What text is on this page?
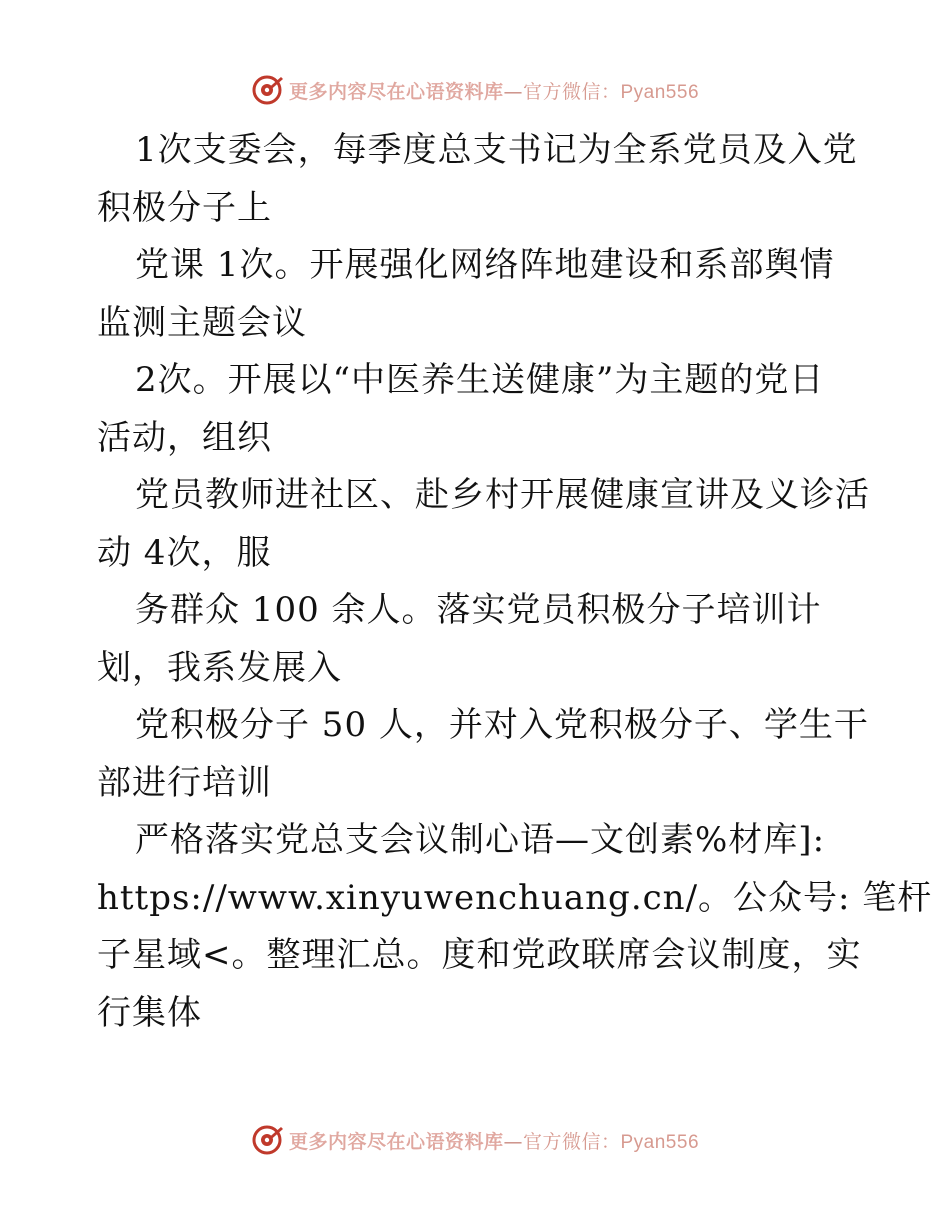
更多内容尽在心语资料库—官方微信：Pyan556
1次支委会，每季度总支书记为全系党员及入党
积极分子上
党课 1次。开展强化网络阵地建设和系部舆情
监测主题会议
2次。开展以“中医养生送健康”为主题的党日
活动，组织
党员教师进社区、赴乡村开展健康宣讲及义诊活
动 4次，服
务群众 100 余人。落实党员积极分子培训计
划，我系发展入
党积极分子 50 人，并对入党积极分子、学生干
部进行培训
严格落实党总支会议制心语—文创素%材库]:
https://www.xinyuwenchuang.cn/。公众号: 笔杆
子星域<。整理汇总。度和党政联席会议制度，实
行集体
更多内容尽在心语资料库—官方微信：Pyan556
